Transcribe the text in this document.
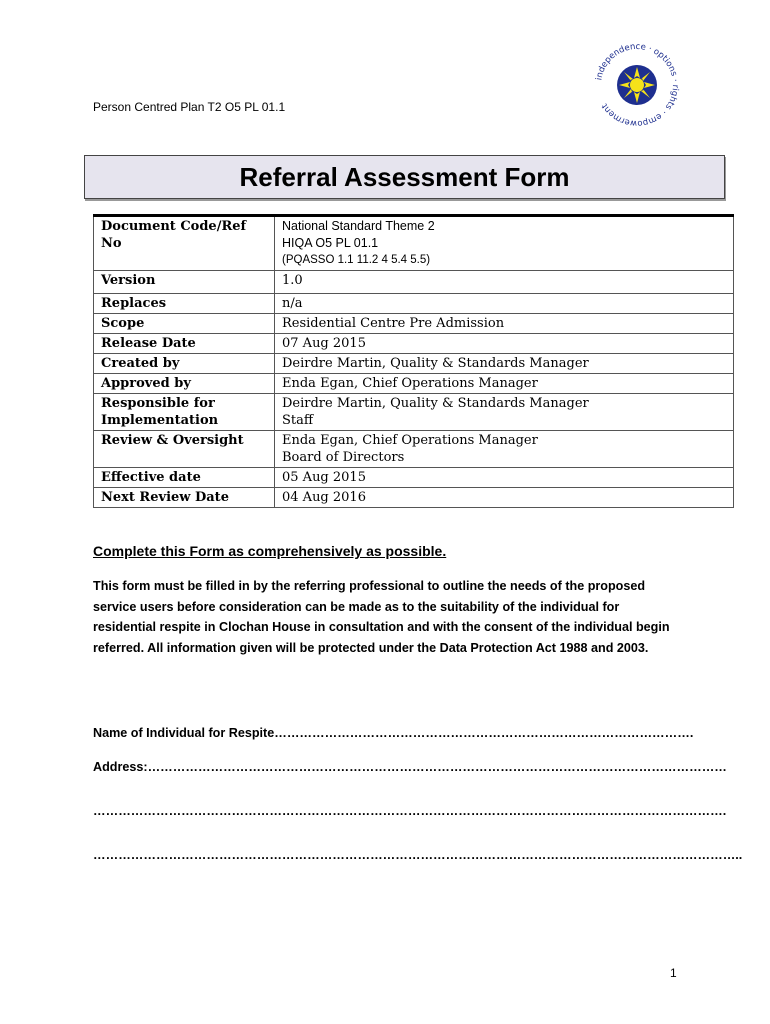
Person Centred Plan T2 O5 PL 01.1
independence · options · rights · empowerment
Referral Assessment Form
Document Code/Ref No	National Standard Theme 2
HIQA O5 PL 01.1
(PQASSO 1.1 11.2 4 5.4 5.5)

Version	1.0
Replaces	n/a
Scope	Residential Centre Pre Admission
Release Date	07 Aug 2015
Created by	Deirdre Martin, Quality & Standards Manager
Approved by	Enda Egan, Chief Operations Manager

Responsible for
Implementation	Deirdre Martin, Quality & Standards Manager
Staff

Review & Oversight	Enda Egan, Chief Operations Manager
Board of Directors

Effective date	05 Aug 2015
Next Review Date	04 Aug 2016
Complete this Form as comprehensively as possible.
This form must be filled in by the referring professional to outline the needs of the proposed service users before consideration can be made as to the suitability of the individual for residential respite in Clochan House in consultation and with the consent of the individual begin referred. All information given will be protected under the Data Protection Act 1988 and 2003.
Name of Individual for Respite……………………………………………………………………………………….
Address:…………………………………………………………………………………………………………………………
…………………………………………………………………………………………………………………………………….
………………………………………………………………………………………………………………………………………..
1
